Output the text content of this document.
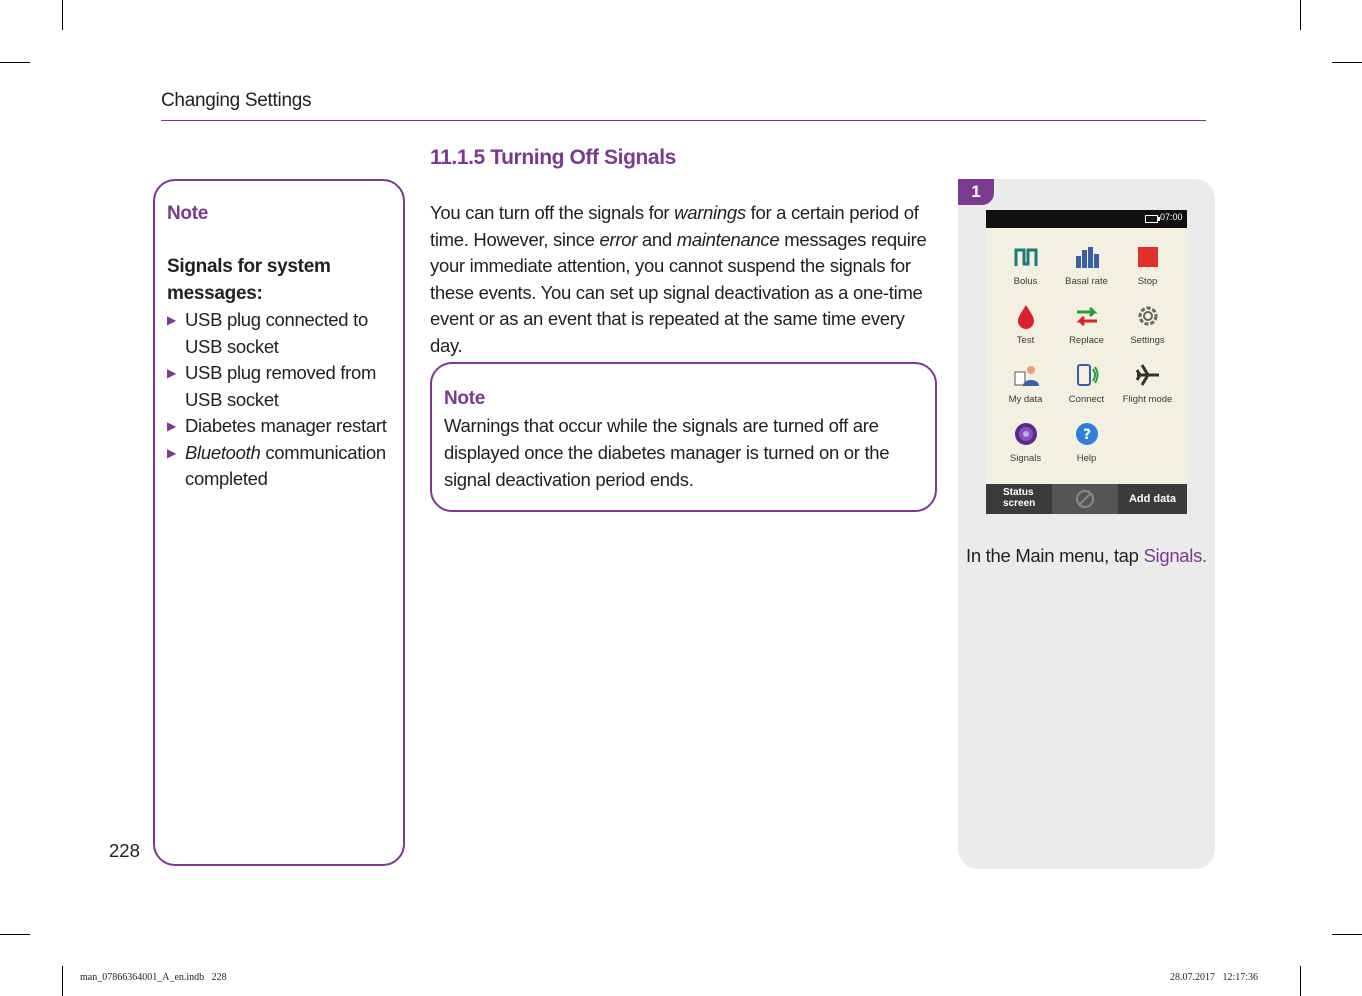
Changing Settings
11.1.5 Turning Off Signals
You can turn off the signals for warnings for a certain period of time. However, since error and maintenance messages require your immediate attention, you cannot suspend the signals for these events. You can set up signal deactivation as a one-time event or as an event that is repeated at the same time every day.
Note
Signals for system messages:
▶ USB plug connected to USB socket
▶ USB plug removed from USB socket
▶ Diabetes manager restart
▶ Bluetooth communication completed
Note
Warnings that occur while the signals are turned off are displayed once the diabetes manager is turned on or the signal deactivation period ends.
1
07:00
Bolus	Basal rate	Stop
Test	Replace	Settings
My data	Connect	Flight mode
Signals
?
Help
Status screen	Add data
In the Main menu, tap Signals.
228
man_07866364001_A_en.indb   228	28.07.2017   12:17:36
